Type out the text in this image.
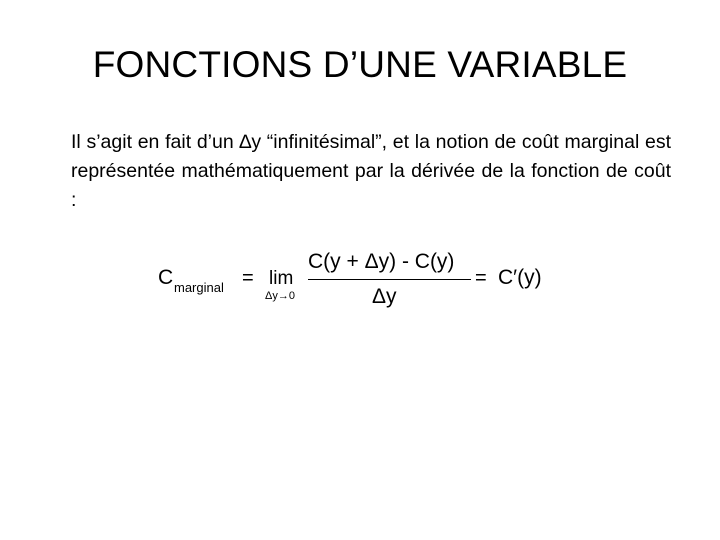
FONCTIONS D’UNE VARIABLE
Il s’agit en fait d’un ∆y “infinitésimal”, et la notion de coût marginal est représentée mathématiquement par la dérivée de la fonction de coût :
C marginal = lim
Δy→0
C(y + Δy) - C(y)
Δy
= C′(y)
